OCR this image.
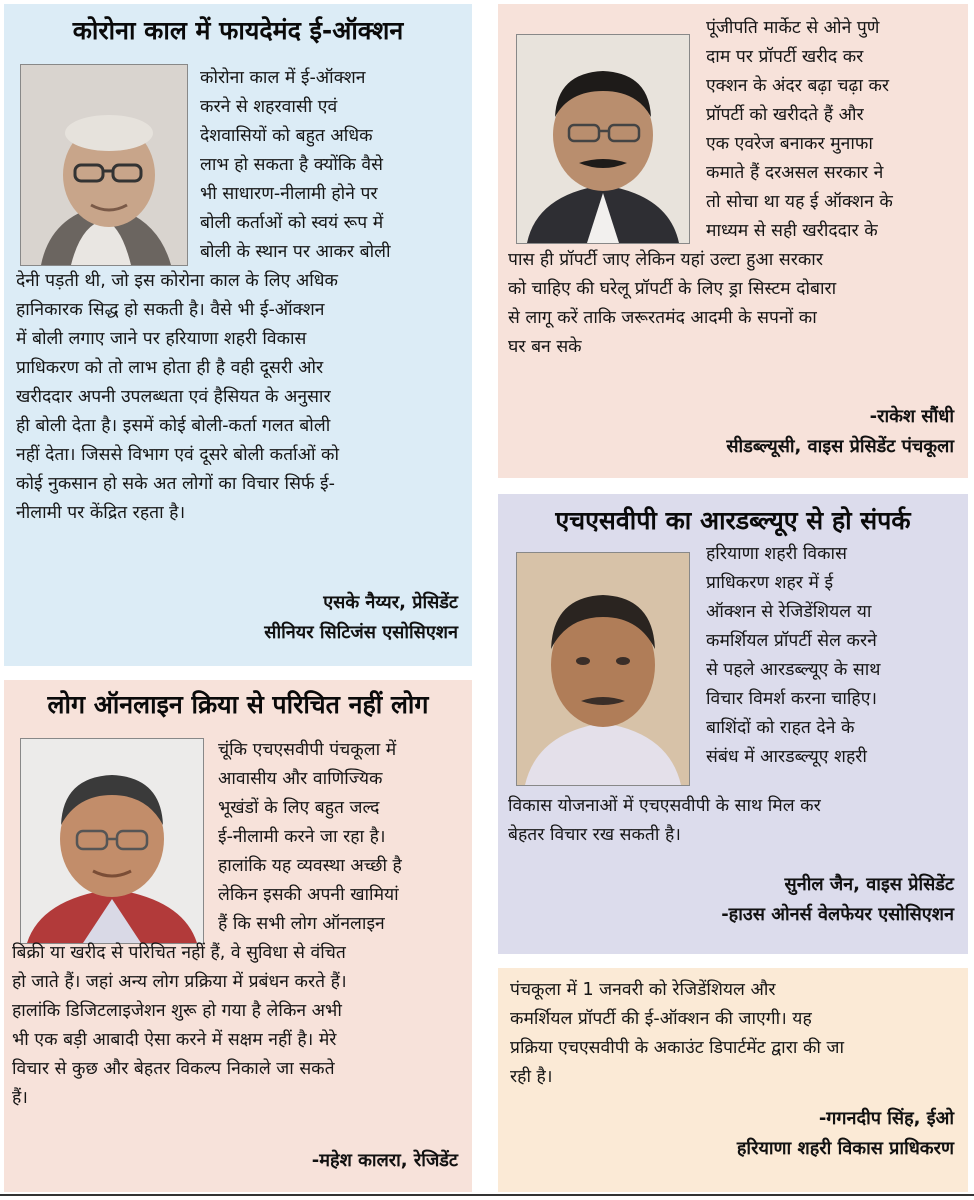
कोरोना काल में फायदेमंद ई-ऑक्शन
कोरोना काल में ई-ऑक्शन
करने से शहरवासी एवं
देशवासियों को बहुत अधिक
लाभ हो सकता है क्योंकि वैसे
भी साधारण-नीलामी होने पर
बोली कर्ताओं को स्वयं रूप में
बोली के स्थान पर आकर बोली
देनी पड़ती थी, जो इस कोरोना काल के लिए अधिक
हानिकारक सिद्ध हो सकती है। वैसे भी ई-ऑक्शन
में बोली लगाए जाने पर हरियाणा शहरी विकास
प्राधिकरण को तो लाभ होता ही है वही दूसरी ओर
खरीददार अपनी उपलब्धता एवं हैसियत के अनुसार
ही बोली देता है। इसमें कोई बोली-कर्ता गलत बोली
नहीं देता। जिससे विभाग एवं दूसरे बोली कर्ताओं को
कोई नुकसान हो सके अत लोगों का विचार सिर्फ ई-
नीलामी पर केंद्रित रहता है।
एसके नैय्यर, प्रेसिडेंट
सीनियर सिटिजंस एसोसिएशन
पूंजीपति मार्केट से ओने पुणे
दाम पर प्रॉपर्टी खरीद कर
एक्शन के अंदर बढ़ा चढ़ा कर
प्रॉपर्टी को खरीदते हैं और
एक एवरेज बनाकर मुनाफा
कमाते हैं दरअसल सरकार ने
तो सोचा था यह ई ऑक्शन के
माध्यम से सही खरीददार के
पास ही प्रॉपर्टी जाए लेकिन यहां उल्टा हुआ सरकार
को चाहिए की घरेलू प्रॉपर्टी के लिए ड्रा सिस्टम दोबारा
से लागू करें ताकि जरूरतमंद आदमी के सपनों का
घर बन सके
-राकेश सौंधी
सीडब्ल्यूसी, वाइस प्रेसिडेंट पंचकूला
एचएसवीपी का आरडब्ल्यूए से हो संपर्क
हरियाणा शहरी विकास
प्राधिकरण शहर में ई
ऑक्शन से रेजिडेंशियल या
कमर्शियल प्रॉपर्टी सेल करने
से पहले आरडब्ल्यूए के साथ
विचार विमर्श करना चाहिए।
बाशिंदों को राहत देने के
संबंध में आरडब्ल्यूए शहरी
विकास योजनाओं में एचएसवीपी के साथ मिल कर
बेहतर विचार रख सकती है।
सुनील जैन, वाइस प्रेसिडेंट
-हाउस ओनर्स वेलफेयर एसोसिएशन
लोग ऑनलाइन क्रिया से परिचित नहीं लोग
चूंकि एचएसवीपी पंचकूला में
आवासीय और वाणिज्यिक
भूखंडों के लिए बहुत जल्द
ई-नीलामी करने जा रहा है।
हालांकि यह व्यवस्था अच्छी है
लेकिन इसकी अपनी खामियां
हैं कि सभी लोग ऑनलाइन
बिक्री या खरीद से परिचित नहीं हैं, वे सुविधा से वंचित
हो जाते हैं। जहां अन्य लोग प्रक्रिया में प्रबंधन करते हैं।
हालांकि डिजिटलाइजेशन शुरू हो गया है लेकिन अभी
भी एक बड़ी आबादी ऐसा करने में सक्षम नहीं है। मेरे
विचार से कुछ और बेहतर विकल्प निकाले जा सकते
हैं।
-महेश कालरा, रेजिडेंट
पंचकूला में 1 जनवरी को रेजिडेंशियल और
कमर्शियल प्रॉपर्टी की ई-ऑक्शन की जाएगी। यह
प्रक्रिया एचएसवीपी के अकाउंट डिपार्टमेंट द्वारा की जा
रही है।
-गगनदीप सिंह, ईओ
हरियाणा शहरी विकास प्राधिकरण
